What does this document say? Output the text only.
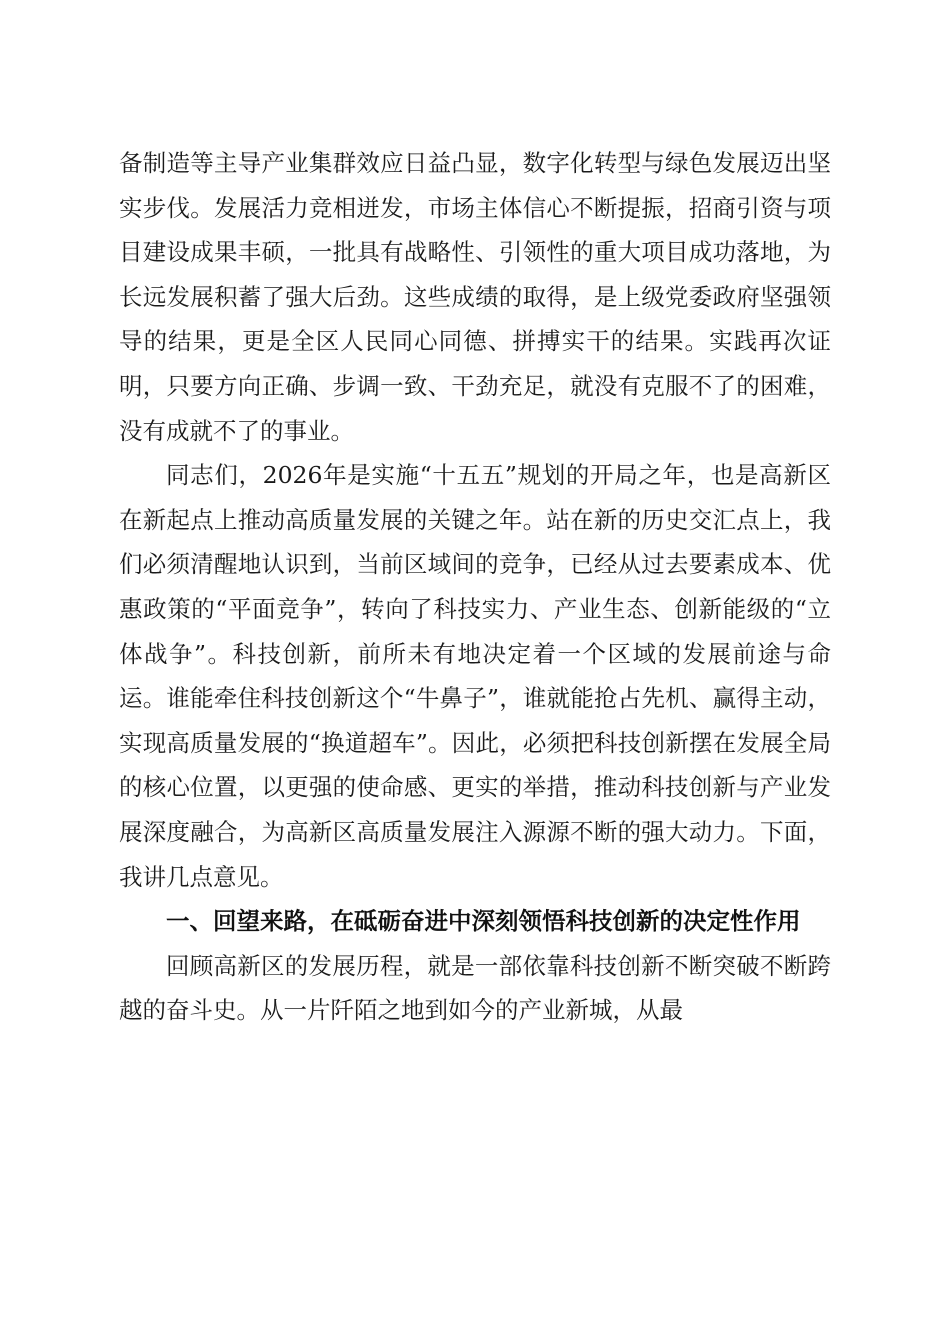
备制造等主导产业集群效应日益凸显，数字化转型与绿色发展迈出坚实步伐。发展活力竞相迸发，市场主体信心不断提振，招商引资与项目建设成果丰硕，一批具有战略性、引领性的重大项目成功落地，为长远发展积蓄了强大后劲。这些成绩的取得，是上级党委政府坚强领导的结果，更是全区人民同心同德、拼搏实干的结果。实践再次证明，只要方向正确、步调一致、干劲充足，就没有克服不了的困难，没有成就不了的事业。

同志们，2026年是实施“十五五”规划的开局之年，也是高新区在新起点上推动高质量发展的关键之年。站在新的历史交汇点上，我们必须清醒地认识到，当前区域间的竞争，已经从过去要素成本、优惠政策的“平面竞争”，转向了科技实力、产业生态、创新能级的“立体战争”。科技创新，前所未有地决定着一个区域的发展前途与命运。谁能牵住科技创新这个“牛鼻子”，谁就能抢占先机、赢得主动，实现高质量发展的“换道超车”。因此，必须把科技创新摆在发展全局的核心位置，以更强的使命感、更实的举措，推动科技创新与产业发展深度融合，为高新区高质量发展注入源源不断的强大动力。下面，我讲几点意见。

一、回望来路，在砥砺奋进中深刻领悟科技创新的决定性作用

回顾高新区的发展历程，就是一部依靠科技创新不断突破不断跨越的奋斗史。从一片阡陌之地到如今的产业新城，从最
